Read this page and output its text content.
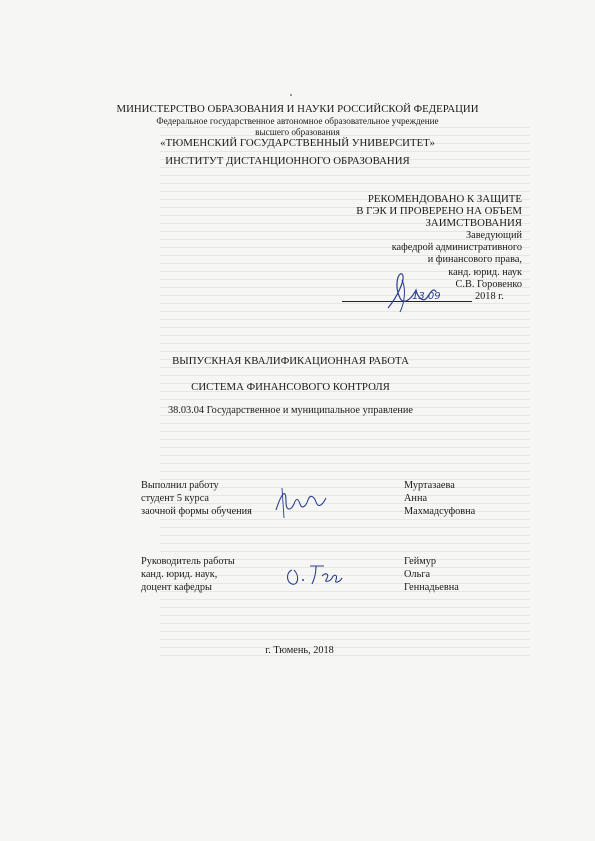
МИНИСТЕРСТВО ОБРАЗОВАНИЯ И НАУКИ РОССИЙСКОЙ ФЕДЕРАЦИИ
Федеральное государственное автономное образовательное учреждение
высшего образования
«ТЮМЕНСКИЙ ГОСУДАРСТВЕННЫЙ УНИВЕРСИТЕТ»
ИНСТИТУТ ДИСТАНЦИОННОГО ОБРАЗОВАНИЯ
РЕКОМЕНДОВАНО К ЗАЩИТЕ
В ГЭК И ПРОВЕРЕНО НА ОБЪЕМ
ЗАИМСТВОВАНИЯ
Заведующий
кафедрой административного
и финансового права,
канд. юрид. наук
С.В. Горовенко
2018 г.
13.09
ВЫПУСКНАЯ КВАЛИФИКАЦИОННАЯ РАБОТА
СИСТЕМА ФИНАНСОВОГО КОНТРОЛЯ
38.03.04 Государственное и муниципальное управление
Выполнил работу
студент 5 курса
заочной формы обучения
Муртазаева
Анна
Махмадсуфовна
Руководитель работы
канд. юрид. наук,
доцент кафедры
Геймур
Ольга
Геннадьевна
г. Тюмень, 2018
